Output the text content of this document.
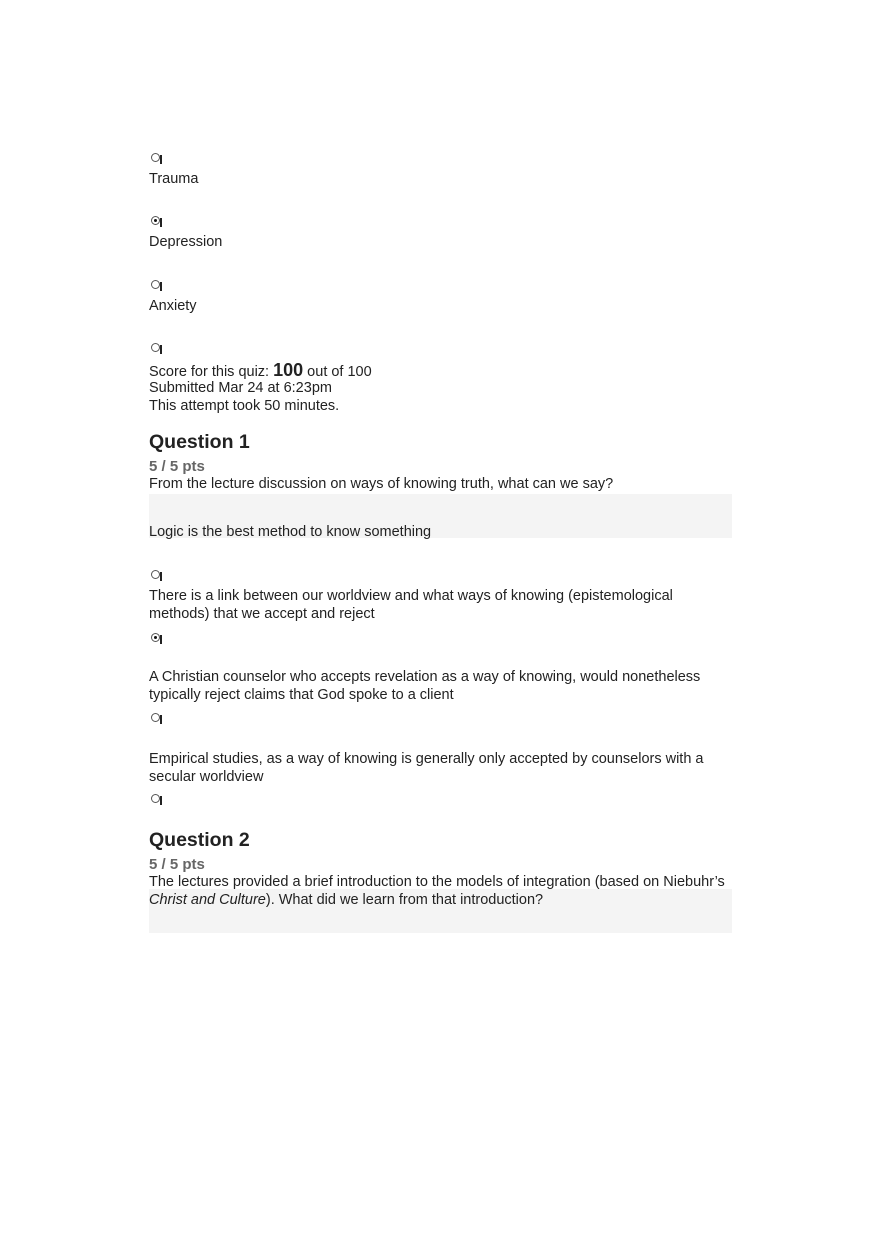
Trauma
Depression
Anxiety
Score for this quiz: 100 out of 100
Submitted Mar 24 at 6:23pm
This attempt took 50 minutes.
Question 1
5 / 5 pts
From the lecture discussion on ways of knowing truth, what can we say?
Logic is the best method to know something
There is a link between our worldview and what ways of knowing (epistemological methods) that we accept and reject
A Christian counselor who accepts revelation as a way of knowing, would nonetheless typically reject claims that God spoke to a client
Empirical studies, as a way of knowing is generally only accepted by counselors with a secular worldview
Question 2
5 / 5 pts
The lectures provided a brief introduction to the models of integration (based on Niebuhr’s Christ and Culture). What did we learn from that introduction?
